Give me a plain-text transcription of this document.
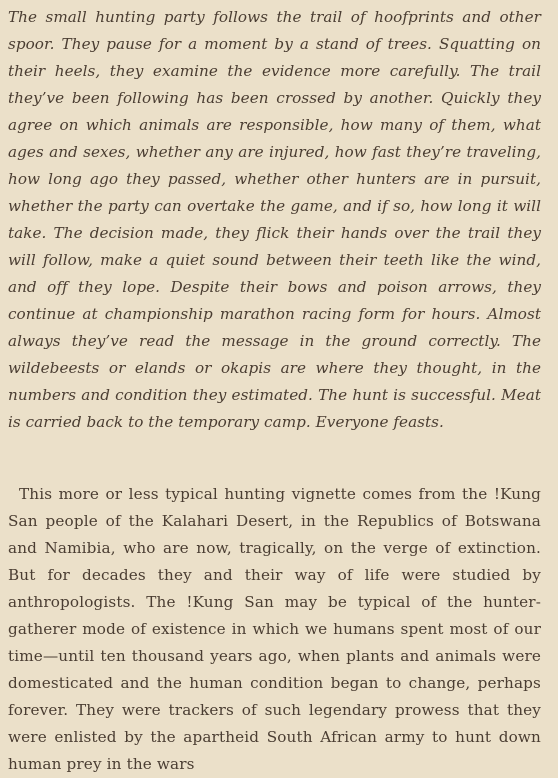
The small hunting party follows the trail of hoofprints and other spoor. They pause for a moment by a stand of trees. Squatting on their heels, they examine the evidence more carefully. The trail they’ve been following has been crossed by another. Quickly they agree on which animals are responsible, how many of them, what ages and sexes, whether any are injured, how fast they’re traveling, how long ago they passed, whether other hunters are in pursuit, whether the party can overtake the game, and if so, how long it will take. The decision made, they flick their hands over the trail they will follow, make a quiet sound between their teeth like the wind, and off they lope. Despite their bows and poison arrows, they continue at championship marathon racing form for hours. Almost always they’ve read the message in the ground correctly. The wildebeests or elands or okapis are where they thought, in the numbers and condition they estimated. The hunt is successful. Meat is carried back to the temporary camp. Everyone feasts.

This more or less typical hunting vignette comes from the !Kung San people of the Kalahari Desert, in the Republics of Botswana and Namibia, who are now, tragically, on the verge of extinction. But for decades they and their way of life were studied by anthropologists. The !Kung San may be typical of the hunter-gatherer mode of existence in which we humans spent most of our time—until ten thousand years ago, when plants and animals were domesticated and the human condition began to change, perhaps forever. They were trackers of such legendary prowess that they were enlisted by the apartheid South African army to hunt down human prey in the wars
